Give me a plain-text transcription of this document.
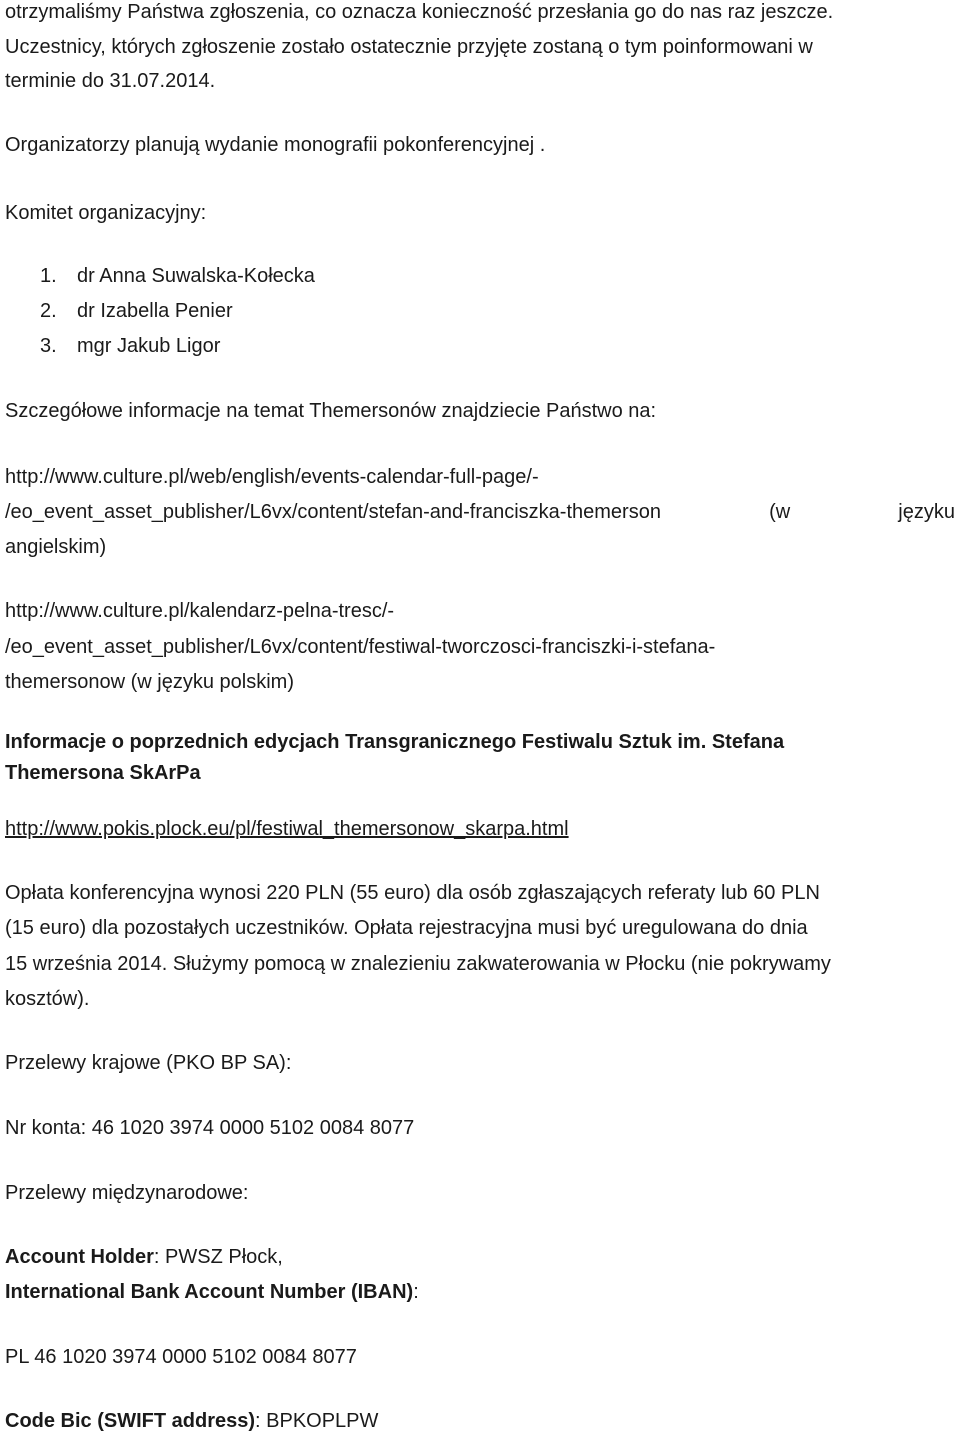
otrzymaliśmy Państwa zgłoszenia, co oznacza konieczność przesłania go do nas raz jeszcze.

Uczestnicy, których zgłoszenie zostało ostatecznie przyjęte zostaną o tym poinformowani w

terminie do 31.07.2014.

Organizatorzy planują wydanie monografii pokonferencyjnej .

Komitet organizacyjny:

1. dr Anna Suwalska-Kołecka
2. dr Izabella Penier
3. mgr Jakub Ligor

Szczegółowe informacje na temat Themersonów znajdziecie Państwo na:

http://www.culture.pl/web/english/events-calendar-full-page/-

/eo_event_asset_publisher/L6vx/content/stefan-and-franciszka-themerson	(w	języku

angielskim)

http://www.culture.pl/kalendarz-pelna-tresc/-

/eo_event_asset_publisher/L6vx/content/festiwal-tworczosci-franciszki-i-stefana-

themersonow (w języku polskim)

Informacje o poprzednich edycjach Transgranicznego Festiwalu Sztuk im. Stefana

Themersona SkArPa

http://www.pokis.plock.eu/pl/festiwal_themersonow_skarpa.html

Opłata konferencyjna wynosi 220 PLN (55 euro) dla osób zgłaszających referaty lub 60 PLN

(15 euro) dla pozostałych uczestników. Opłata rejestracyjna musi być uregulowana do dnia

15 września 2014. Służymy pomocą w znalezieniu zakwaterowania w Płocku (nie pokrywamy

kosztów).

Przelewy krajowe (PKO BP SA):

Nr konta: 46 1020 3974 0000 5102 0084 8077

Przelewy międzynarodowe:

Account Holder: PWSZ Płock,

International Bank Account Number (IBAN):

PL 46 1020 3974 0000 5102 0084 8077

Code Bic (SWIFT address): BPKOPLPW
